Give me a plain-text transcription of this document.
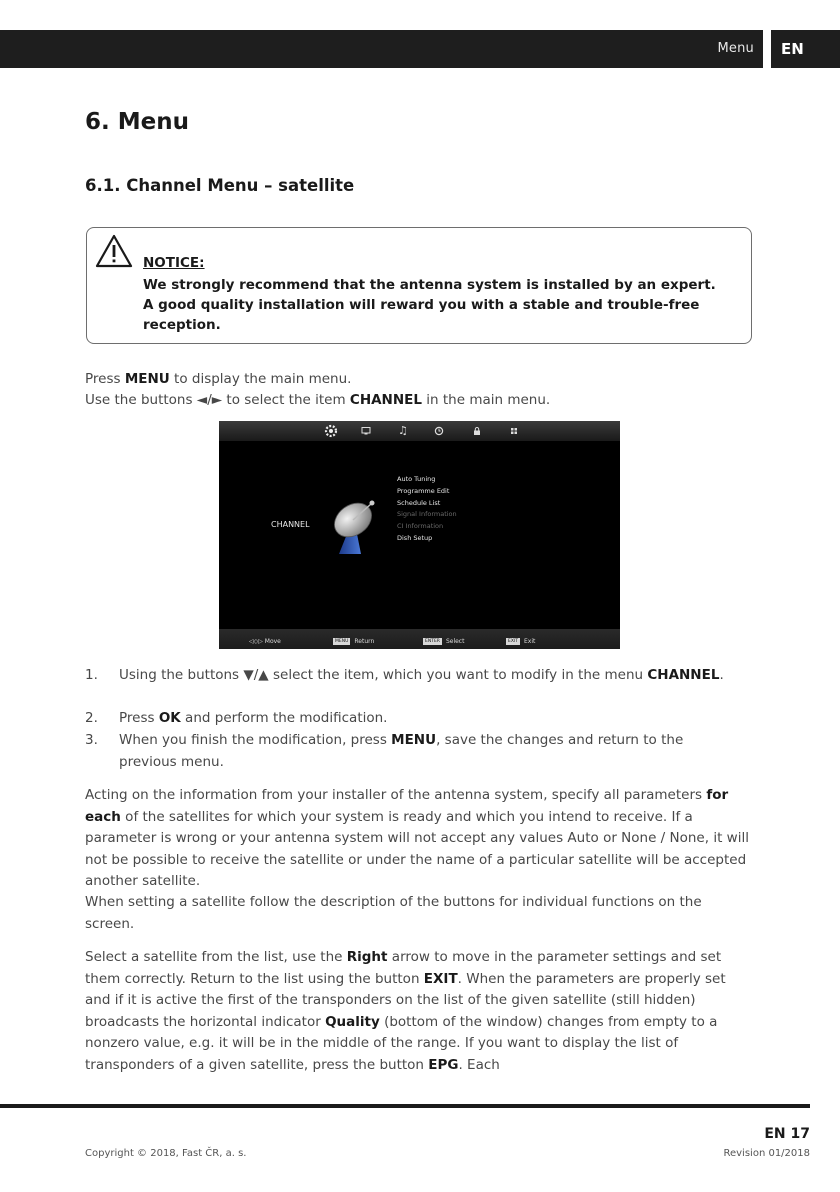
Menu	EN
6. Menu
6.1. Channel Menu – satellite
NOTICE:
We strongly recommend that the antenna system is installed by an expert.
A good quality installation will reward you with a stable and trouble-free reception.
Press MENU to display the main menu.
Use the buttons ◄/► to select the item CHANNEL in the main menu.
♫
CHANNEL
Auto Tuning
Programme Edit
Schedule List
Signal Information
CI Information
Dish Setup
◁◇▷ Move	MENU Return	ENTER Select	EXIT Exit
1. Using the buttons ▼/▲ select the item, which you want to modify in the menu CHANNEL.
2. Press OK and perform the modification.
3. When you finish the modification, press MENU, save the changes and return to the previous menu.
Acting on the information from your installer of the antenna system, specify all parameters for each of the satellites for which your system is ready and which you intend to receive. If a parameter is wrong or your antenna system will not accept any values Auto or None / None, it will not be possible to receive the satellite or under the name of a particular satellite will be accepted another satellite.
When setting a satellite follow the description of the buttons for individual functions on the screen.
Select a satellite from the list, use the Right arrow to move in the parameter settings and set them correctly. Return to the list using the button EXIT. When the parameters are properly set and if it is active the first of the transponders on the list of the given satellite (still hidden) broadcasts the horizontal indicator Quality (bottom of the window) changes from empty to a nonzero value, e.g. it will be in the middle of the range. If you want to display the list of transponders of a given satellite, press the button EPG. Each
EN 17
Copyright © 2018, Fast ČR, a. s.	Revision 01/2018
